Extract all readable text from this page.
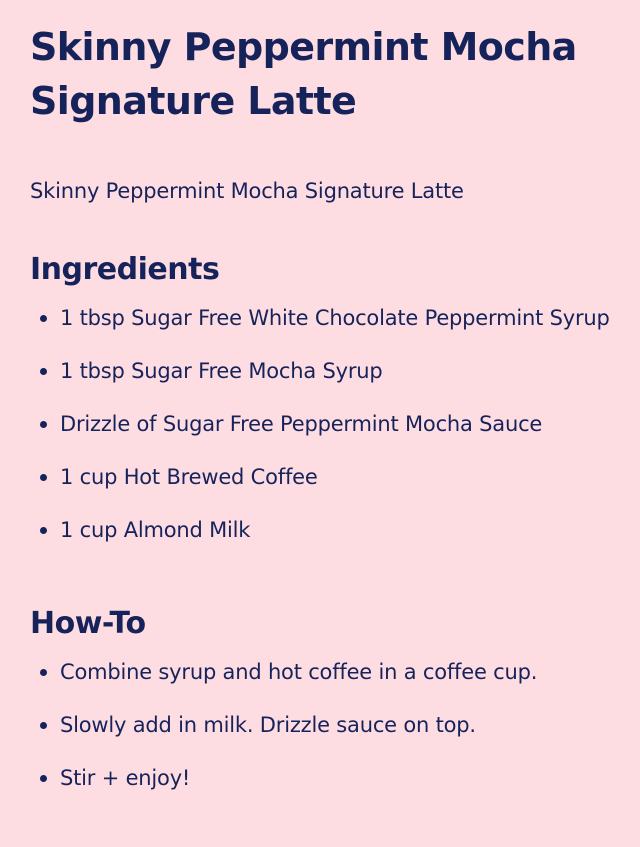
Skinny Peppermint Mocha Signature Latte

Skinny Peppermint Mocha Signature Latte

Ingredients
1 tbsp Sugar Free White Chocolate Peppermint Syrup
1 tbsp Sugar Free Mocha Syrup
Drizzle of Sugar Free Peppermint Mocha Sauce
1 cup Hot Brewed Coffee
1 cup Almond Milk
How-To
Combine syrup and hot coffee in a coffee cup.
Slowly add in milk. Drizzle sauce on top.
Stir + enjoy!
